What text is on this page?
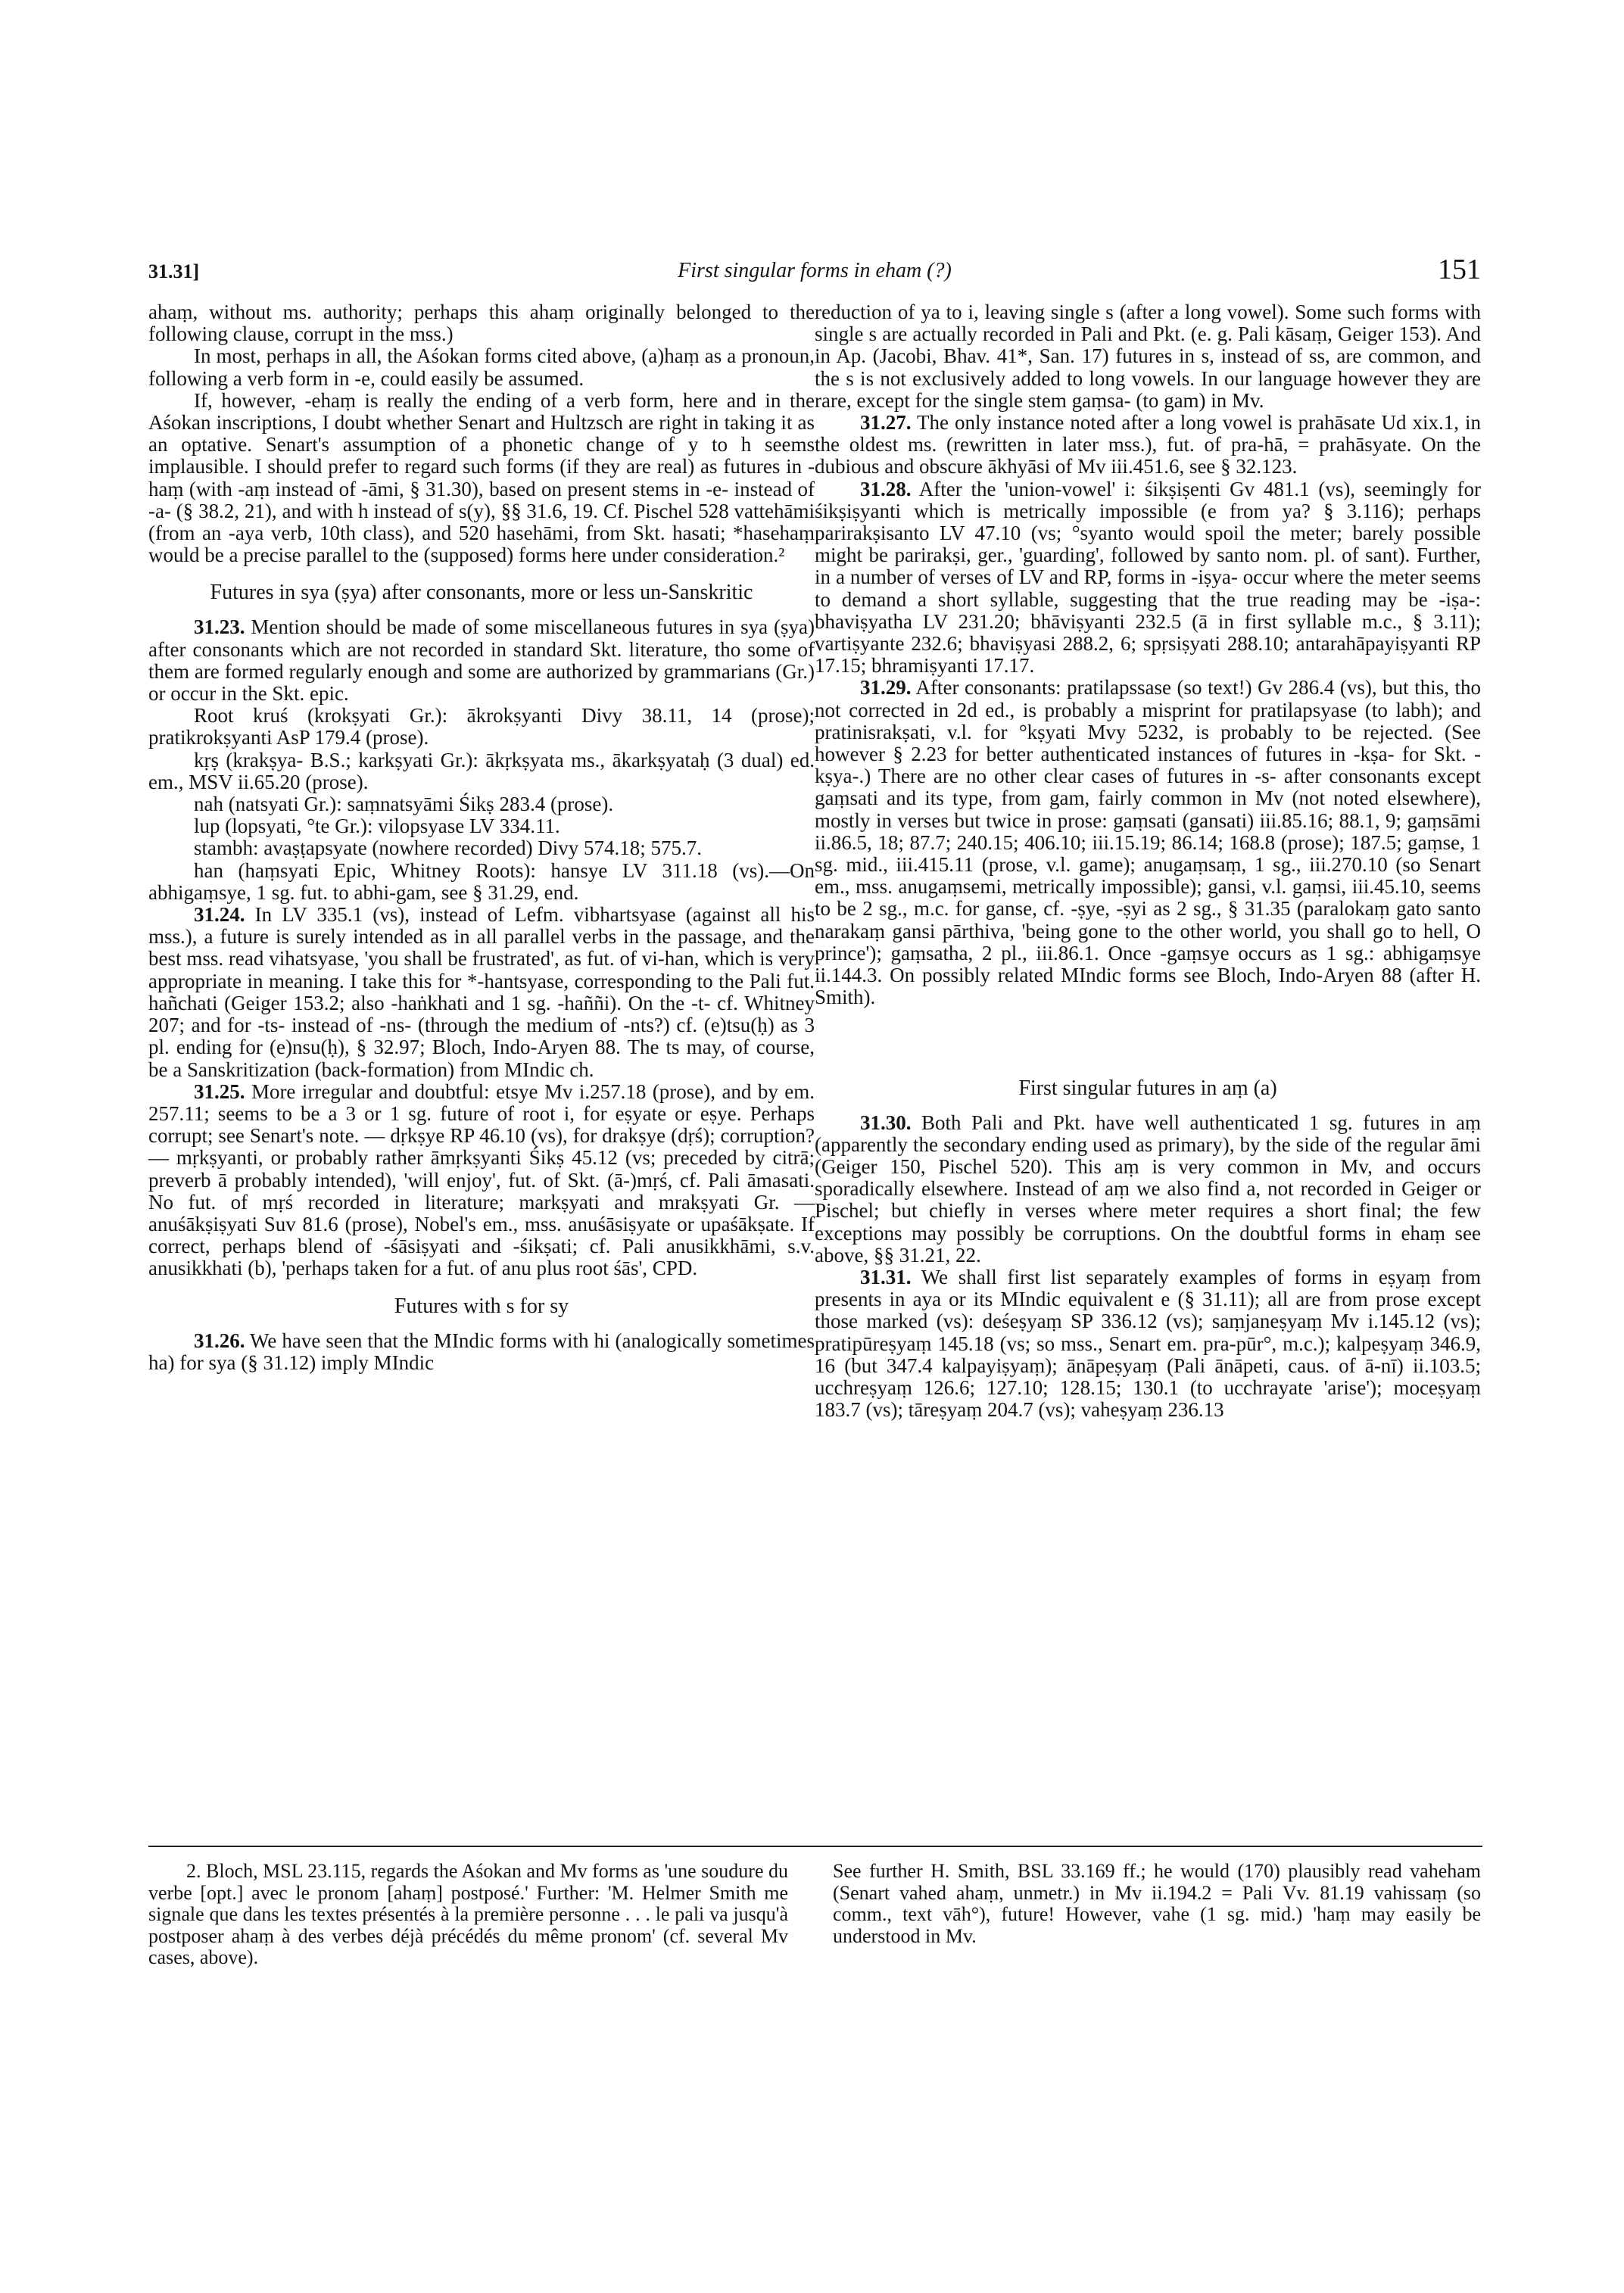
31.31]	First singular forms in eham (?)	151

ahaṃ, without ms. authority; perhaps this ahaṃ originally belonged to the following clause, corrupt in the mss.)

In most, perhaps in all, the Aśokan forms cited above, (a)haṃ as a pronoun, following a verb form in -e, could easily be assumed.

If, however, -ehaṃ is really the ending of a verb form, here and in the Aśokan inscriptions, I doubt whether Senart and Hultzsch are right in taking it as an optative. Senart's assumption of a phonetic change of y to h seems implausible. I should prefer to regard such forms (if they are real) as futures in -haṃ (with -aṃ instead of -āmi, § 31.30), based on present stems in -e- instead of -a- (§ 38.2, 21), and with h instead of s(y), §§ 31.6, 19. Cf. Pischel 528 vattehāmi (from an -aya verb, 10th class), and 520 hasehāmi, from Skt. hasati; *hasehaṃ would be a precise parallel to the (supposed) forms here under consideration.²

Futures in sya (ṣya) after consonants, more or less un-Sanskritic

31.23. Mention should be made of some miscellaneous futures in sya (ṣya) after consonants which are not recorded in standard Skt. literature, tho some of them are formed regularly enough and some are authorized by grammarians (Gr.) or occur in the Skt. epic.

Root kruś (krokṣyati Gr.): ākrokṣyanti Divy 38.11, 14 (prose); pratikrokṣyanti AsP 179.4 (prose).

kṛṣ (krakṣya- B.S.; karkṣyati Gr.): ākṛkṣyata ms., ākarkṣyataḥ (3 dual) ed. em., MSV ii.65.20 (prose).

nah (natsyati Gr.): saṃnatsyāmi Śikṣ 283.4 (prose).

lup (lopsyati, °te Gr.): vilopsyase LV 334.11.

stambh: avaṣṭapsyate (nowhere recorded) Divy 574.18; 575.7.

han (haṃsyati Epic, Whitney Roots): hansye LV 311.18 (vs).—On abhigaṃsye, 1 sg. fut. to abhi-gam, see § 31.29, end.

31.24. In LV 335.1 (vs), instead of Lefm. vibhartsyase (against all his mss.), a future is surely intended as in all parallel verbs in the passage, and the best mss. read vihatsyase, 'you shall be frustrated', as fut. of vi-han, which is very appropriate in meaning. I take this for *-hantsyase, corresponding to the Pali fut. hañchati (Geiger 153.2; also -haṅkhati and 1 sg. -haññi). On the -t- cf. Whitney 207; and for -ts- instead of -ns- (through the medium of -nts?) cf. (e)tsu(ḥ) as 3 pl. ending for (e)nsu(ḥ), § 32.97; Bloch, Indo-Aryen 88. The ts may, of course, be a Sanskritization (back-formation) from MIndic ch.

31.25. More irregular and doubtful: etsye Mv i.257.18 (prose), and by em. 257.11; seems to be a 3 or 1 sg. future of root i, for eṣyate or eṣye. Perhaps corrupt; see Senart's note. — dṛkṣye RP 46.10 (vs), for drakṣye (dṛś); corruption? — mṛkṣyanti, or probably rather āmṛkṣyanti Śikṣ 45.12 (vs; preceded by citrā; preverb ā probably intended), 'will enjoy', fut. of Skt. (ā-)mṛś, cf. Pali āmasati. No fut. of mṛś recorded in literature; markṣyati and mrakṣyati Gr. — anuśākṣiṣyati Suv 81.6 (prose), Nobel's em., mss. anuśāsiṣyate or upaśākṣate. If correct, perhaps blend of -śāsiṣyati and -śikṣati; cf. Pali anusikkhāmi, s.v. anusikkhati (b), 'perhaps taken for a fut. of anu plus root śās', CPD.

Futures with s for sy

31.26. We have seen that the MIndic forms with hi (analogically sometimes ha) for sya (§ 31.12) imply MIndic

reduction of ya to i, leaving single s (after a long vowel). Some such forms with single s are actually recorded in Pali and Pkt. (e. g. Pali kāsaṃ, Geiger 153). And in Ap. (Jacobi, Bhav. 41*, San. 17) futures in s, instead of ss, are common, and the s is not exclusively added to long vowels. In our language however they are rare, except for the single stem gaṃsa- (to gam) in Mv.

31.27. The only instance noted after a long vowel is prahāsate Ud xix.1, in the oldest ms. (rewritten in later mss.), fut. of pra-hā, = prahāsyate. On the dubious and obscure ākhyāsi of Mv iii.451.6, see § 32.123.

31.28. After the 'union-vowel' i: śikṣiṣenti Gv 481.1 (vs), seemingly for śikṣiṣyanti which is metrically impossible (e from ya? § 3.116); perhaps parirakṣisanto LV 47.10 (vs; °syanto would spoil the meter; barely possible might be parirakṣi, ger., 'guarding', followed by santo nom. pl. of sant). Further, in a number of verses of LV and RP, forms in -iṣya- occur where the meter seems to demand a short syllable, suggesting that the true reading may be -iṣa-: bhaviṣyatha LV 231.20; bhāviṣyanti 232.5 (ā in first syllable m.c., § 3.11); vartiṣyante 232.6; bhaviṣyasi 288.2, 6; spṛsiṣyati 288.10; antarahāpayiṣyanti RP 17.15; bhramiṣyanti 17.17.

31.29. After consonants: pratilapssase (so text!) Gv 286.4 (vs), but this, tho not corrected in 2d ed., is probably a misprint for pratilapsyase (to labh); and pratinisrakṣati, v.l. for °kṣyati Mvy 5232, is probably to be rejected. (See however § 2.23 for better authenticated instances of futures in -kṣa- for Skt. -kṣya-.) There are no other clear cases of futures in -s- after consonants except gaṃsati and its type, from gam, fairly common in Mv (not noted elsewhere), mostly in verses but twice in prose: gaṃsati (gansati) iii.85.16; 88.1, 9; gaṃsāmi ii.86.5, 18; 87.7; 240.15; 406.10; iii.15.19; 86.14; 168.8 (prose); 187.5; gaṃse, 1 sg. mid., iii.415.11 (prose, v.l. game); anugaṃsaṃ, 1 sg., iii.270.10 (so Senart em., mss. anugaṃsemi, metrically impossible); gansi, v.l. gaṃsi, iii.45.10, seems to be 2 sg., m.c. for ganse, cf. -ṣye, -ṣyi as 2 sg., § 31.35 (paralokaṃ gato santo narakaṃ gansi pārthiva, 'being gone to the other world, you shall go to hell, O prince'); gaṃsatha, 2 pl., iii.86.1. Once -gaṃsye occurs as 1 sg.: abhigaṃsye ii.144.3. On possibly related MIndic forms see Bloch, Indo-Aryen 88 (after H. Smith).

First singular futures in aṃ (a)

31.30. Both Pali and Pkt. have well authenticated 1 sg. futures in aṃ (apparently the secondary ending used as primary), by the side of the regular āmi (Geiger 150, Pischel 520). This aṃ is very common in Mv, and occurs sporadically elsewhere. Instead of aṃ we also find a, not recorded in Geiger or Pischel; but chiefly in verses where meter requires a short final; the few exceptions may possibly be corruptions. On the doubtful forms in ehaṃ see above, §§ 31.21, 22.

31.31. We shall first list separately examples of forms in eṣyaṃ from presents in aya or its MIndic equivalent e (§ 31.11); all are from prose except those marked (vs): deśeṣyaṃ SP 336.12 (vs); saṃjaneṣyaṃ Mv i.145.12 (vs); pratipūreṣyaṃ 145.18 (vs; so mss., Senart em. pra-pūr°, m.c.); kalpeṣyaṃ 346.9, 16 (but 347.4 kalpayiṣyaṃ); ānāpeṣyaṃ (Pali ānāpeti, caus. of ā-nī) ii.103.5; ucchreṣyaṃ 126.6; 127.10; 128.15; 130.1 (to ucchrayate 'arise'); moceṣyaṃ 183.7 (vs); tāreṣyaṃ 204.7 (vs); vaheṣyaṃ 236.13

2. Bloch, MSL 23.115, regards the Aśokan and Mv forms as 'une soudure du verbe [opt.] avec le pronom [ahaṃ] postposé.' Further: 'M. Helmer Smith me signale que dans les textes présentés à la première personne . . . le pali va jusqu'à postposer ahaṃ à des verbes déjà précédés du même pronom' (cf. several Mv cases, above).

See further H. Smith, BSL 33.169 ff.; he would (170) plausibly read vaheham (Senart vahed ahaṃ, unmetr.) in Mv ii.194.2 = Pali Vv. 81.19 vahissaṃ (so comm., text vāh°), future! However, vahe (1 sg. mid.) 'haṃ may easily be understood in Mv.
